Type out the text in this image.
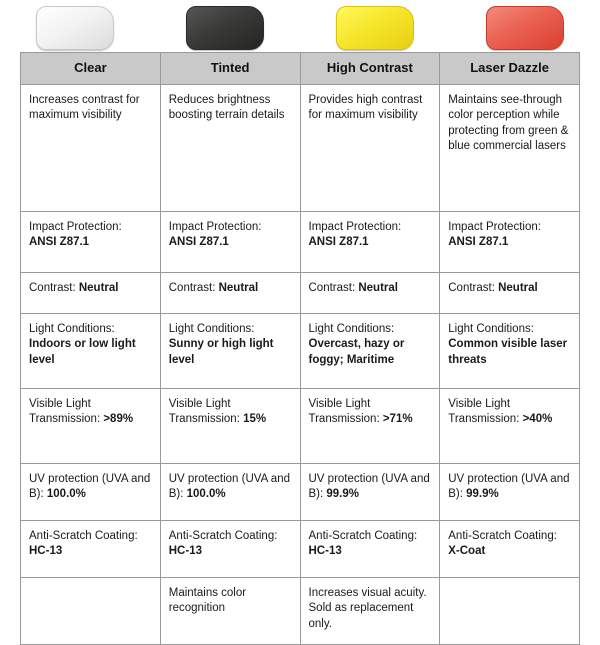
Clear	Tinted	High Contrast	Laser Dazzle
Increases contrast for maximum visibility	Reduces brightness boosting terrain details	Provides high contrast for maximum visibility	Maintains see-through color perception while protecting from green & blue commercial lasers
Impact Protection: ANSI Z87.1	Impact Protection: ANSI Z87.1	Impact Protection: ANSI Z87.1	Impact Protection: ANSI Z87.1
Contrast: Neutral	Contrast: Neutral	Contrast: Neutral	Contrast: Neutral
Light Conditions: Indoors or low light level	Light Conditions: Sunny or high light level	Light Conditions: Overcast, hazy or foggy; Maritime	Light Conditions: Common visible laser threats
Visible Light Transmission: >89%	Visible Light Transmission: 15%	Visible Light Transmission: >71%	Visible Light Transmission: >40%
UV protection (UVA and B): 100.0%	UV protection (UVA and B): 100.0%	UV protection (UVA and B): 99.9%	UV protection (UVA and B): 99.9%
Anti-Scratch Coating: HC-13	Anti-Scratch Coating: HC-13	Anti-Scratch Coating: HC-13	Anti-Scratch Coating: X-Coat
	Maintains color recognition	Increases visual acuity. Sold as replacement only.	
